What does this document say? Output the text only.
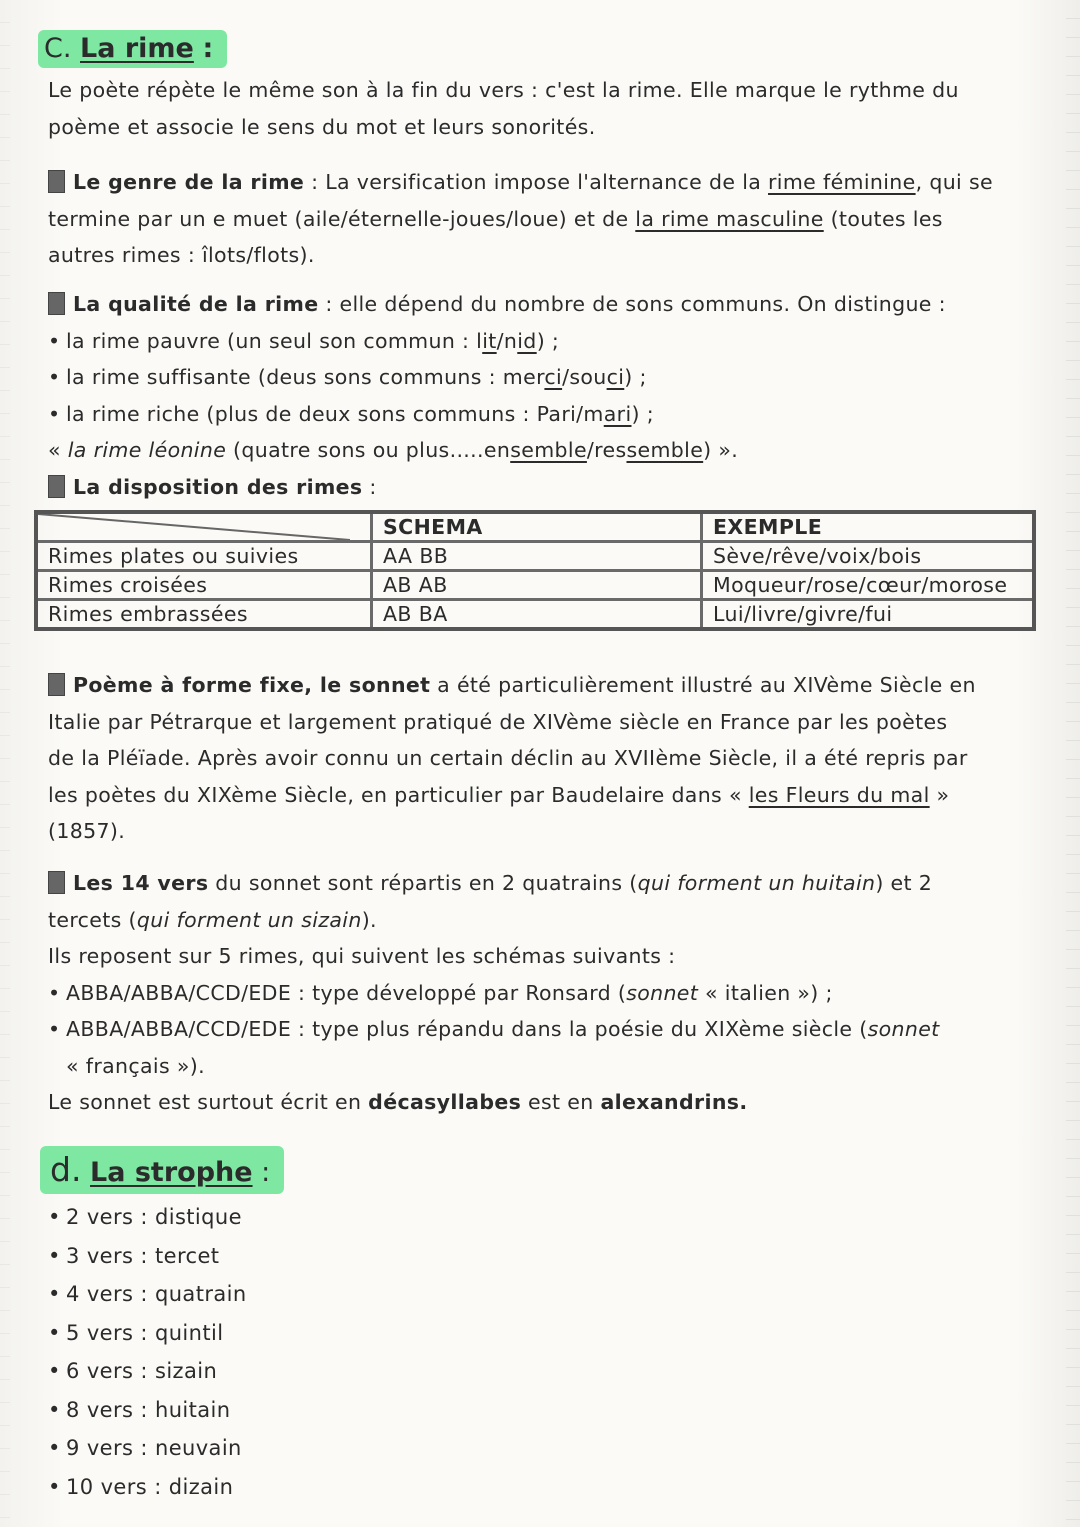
C. La rime :
Le poète répète le même son à la fin du vers : c'est la rime. Elle marque le rythme du
poème et associe le sens du mot et leurs sonorités.
Le genre de la rime : La versification impose l'alternance de la rime féminine, qui se
termine par un e muet (aile/éternelle-joues/loue) et de la rime masculine (toutes les
autres rimes : îlots/flots).
La qualité de la rime : elle dépend du nombre de sons communs. On distingue :
• la rime pauvre (un seul son commun : lit/nid) ;
• la rime suffisante (deus sons communs : merci/souci) ;
• la rime riche (plus de deux sons communs : Pari/mari) ;
« la rime léonine (quatre sons ou plus.....ensemble/ressemble) ».
La disposition des rimes :
	SCHEMA	EXEMPLE
Rimes plates ou suivies	AA BB	Sève/rêve/voix/bois
Rimes croisées	AB AB	Moqueur/rose/cœur/morose
Rimes embrassées	AB BA	Lui/livre/givre/fui
Poème à forme fixe, le sonnet a été particulièrement illustré au XIVème Siècle en
Italie par Pétrarque et largement pratiqué de XIVème siècle en France par les poètes
de la Pléïade. Après avoir connu un certain déclin au XVIIème Siècle, il a été repris par
les poètes du XIXème Siècle, en particulier par Baudelaire dans « les Fleurs du mal »
(1857).
Les 14 vers du sonnet sont répartis en 2 quatrains (qui forment un huitain) et 2
tercets (qui forment un sizain).
Ils reposent sur 5 rimes, qui suivent les schémas suivants :
• ABBA/ABBA/CCD/EDE : type développé par Ronsard (sonnet « italien ») ;
• ABBA/ABBA/CCD/EDE : type plus répandu dans la poésie du XIXème siècle (sonnet
« français »).
Le sonnet est surtout écrit en décasyllabes est en alexandrins.
d. La strophe :
• 2 vers : distique
• 3 vers : tercet
• 4 vers : quatrain
• 5 vers : quintil
• 6 vers : sizain
• 8 vers : huitain
• 9 vers : neuvain
• 10 vers : dizain
